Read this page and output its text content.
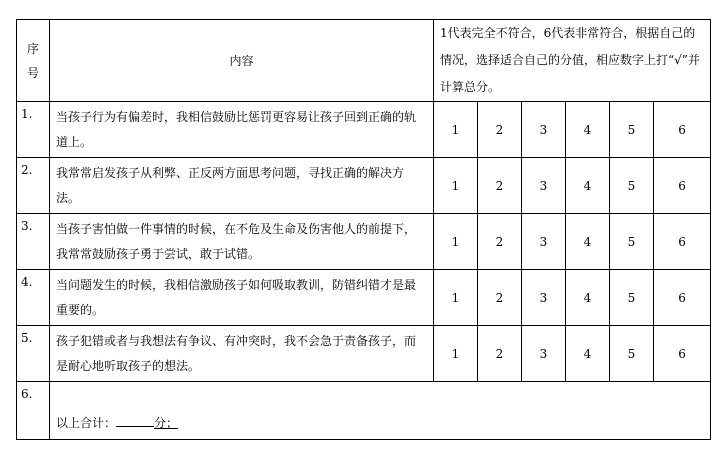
序
号	内容	1代表完全不符合，6代表非常符合，根据自己的情况，选择适合自己的分值，相应数字上打“√”并计算总分。					
1.	当孩子行为有偏差时，我相信鼓励比惩罚更容易让孩子回到正确的轨道上。	1	2	3	4	5	6
2.	我常常启发孩子从利弊、正反两方面思考问题，寻找正确的解决方法。	1	2	3	4	5	6
3.	当孩子害怕做一件事情的时候，在不危及生命及伤害他人的前提下，我常常鼓励孩子勇于尝试，敢于试错。	1	2	3	4	5	6
4.	当问题发生的时候，我相信激励孩子如何吸取教训，防错纠错才是最重要的。	1	2	3	4	5	6
5.	孩子犯错或者与我想法有争议、有冲突时，我不会急于责备孩子，而是耐心地听取孩子的想法。	1	2	3	4	5	6
6.	以上合计： 分；						
